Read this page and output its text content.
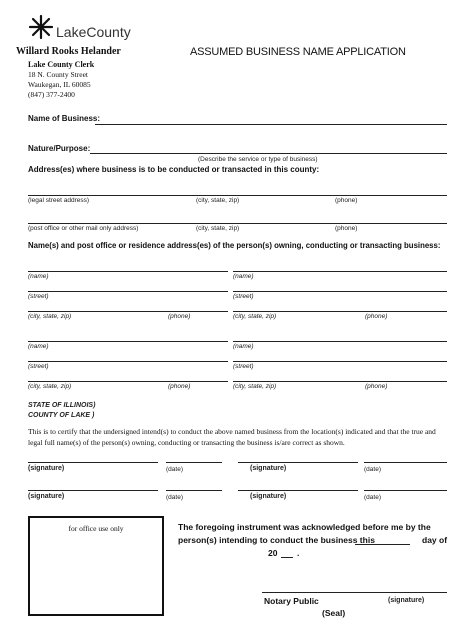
LakeCounty
Willard Rooks Helander
Lake County Clerk
18 N. County Street
Waukegan, IL 60085
(847) 377-2400
ASSUMED BUSINESS NAME APPLICATION
Name of Business:
Nature/Purpose:
(Describe the service or type of business)
Address(es) where business is to be conducted or transacted in this county:
(legal street address)	(city, state, zip)	(phone)
(post office or other mail only address)	(city, state, zip)	(phone)
Name(s) and post office or residence address(es) of the person(s) owning, conducting or transacting business:
(name)	(name)
(street)	(street)
(city, state, zip)	(phone)	(city, state, zip)	(phone)
(name)	(name)
(street)	(street)
(city, state, zip)	(phone)	(city, state, zip)	(phone)
STATE OF ILLINOIS)
COUNTY OF LAKE )
This is to certify that the undersigned intend(s) to conduct the above named business from the location(s) indicated and that the true and legal full name(s) of the person(s) owning, conducting or transacting the business is/are correct as shown.
(signature)	(date)	(signature)	(date)
(signature)	(date)	(signature)	(date)
for office use only	The foregoing instrument was acknowledged before me by the
person(s) intending to conduct the business this	day of
20 .
Notary Public	(signature)
(Seal)
